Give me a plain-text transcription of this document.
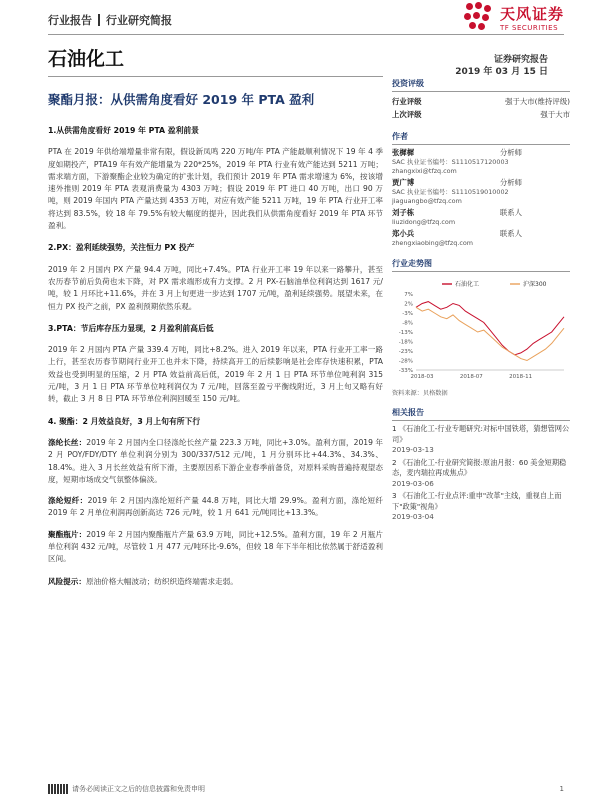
行业报告 行业研究简报	天风证券
TF SECURITIES
石油化工	证券研究报告
2019 年 03 月 15 日
聚酯月报：从供需角度看好 2019 年 PTA 盈利
1.从供需角度看好 2019 年 PTA 盈利前景

PTA 在 2019 年供给端增量非常有限，假设新凤鸣 220 万吨/年 PTA 产能最顺利情况下 19 年 4 季度如期投产，PTA19 年有效产能增量为 220*25%，2019 年 PTA 行业有效产能达到 5211 万吨；需求端方面，下游聚酯企业较为确定的扩张计划，我们预计 2019 年 PTA 需求增速为 6%，按该增速外推则 2019 年 PTA 表观消费量为 4303 万吨；假设 2019 年 PT 进口 40 万吨，出口 90 万吨，则 2019 年国内 PTA 产量达到 4353 万吨，对应有效产能 5211 万吨，19 年 PTA 行业开工率将达到 83.5%，较 18 年 79.5%有较大幅度的提升，因此我们从供需角度看好 2019 年 PTA 环节盈利。

2.PX：盈利延续强势，关注恒力 PX 投产

2019 年 2 月国内 PX 产量 94.4 万吨，同比+7.4%。PTA 行业开工率 19 年以来一路攀升，甚至农历春节前后负荷也未下降，对 PX 需求端形成有力支撑。2 月 PX-石脑油单位利润达到 1617 元/吨，较 1 月环比+11.6%，并在 3 月上旬更进一步达到 1707 元/吨，盈利延续强势。展望未来，在恒力 PX 投产之前，PX 盈利预期依然乐观。

3.PTA：节后库存压力显现，2 月盈利前高后低

2019 年 2 月国内 PTA 产量 339.4 万吨，同比+8.2%。进入 2019 年以来，PTA 行业开工率一路上行，甚至农历春节期间行业开工也并未下降，持续高开工的后续影响是社会库存快速积累，PTA 效益也受到明显的压缩，2 月 PTA 效益前高后低，2019 年 2 月 1 日 PTA 环节单位吨利润 315 元/吨，3 月 1 日 PTA 环节单位吨利润仅为 7 元/吨，回落至盈亏平衡线附近，3 月上旬又略有好转，截止 3 月 8 日 PTA 环节单位利润回暖至 150 元/吨。

4. 聚酯：2 月效益良好，3 月上旬有所下行

涤纶长丝：2019 年 2 月国内全口径涤纶长丝产量 223.3 万吨，同比+3.0%。盈利方面，2019 年 2 月 POY/FDY/DTY 单位利润分别为 300/337/512 元/吨，1 月分别环比+44.3%、34.3%、18.4%。进入 3 月长丝效益有所下滑，主要原因系下游企业春季前备货，对原料采购普遍持观望态度，短期市场成交气氛整体偏淡。

涤纶短纤：2019 年 2 月国内涤纶短纤产量 44.8 万吨，同比大增 29.9%。盈利方面，涤纶短纤 2019 年 2 月单位利润再创新高达 726 元/吨，较 1 月 641 元/吨同比+13.3%。

聚酯瓶片：2019 年 2 月国内聚酯瓶片产量 63.9 万吨，同比+12.5%。盈利方面，19 年 2 月瓶片单位利润 432 元/吨，尽管较 1 月 477 元/吨环比-9.6%，但较 18 年下半年相比依然属于舒适盈利区间。

风险提示：原油价格大幅波动；纺织织造终端需求走弱。

投资评级
行业评级	强于大市(维持评级)
上次评级	强于大市
作者
张樨樨	分析师
SAC 执业证书编号：S1110517120003
zhangxixi@tfzq.com
贾广博	分析师
SAC 执业证书编号：S1110519010002
jiaguangbo@tfzq.com
刘子栋	联系人
liuzidong@tfzq.com
郑小兵	联系人
zhengxiaobing@tfzq.com
行业走势图
7%
2%
-3%
-8%
-13%
-18%
-23%
-28%
-33%
2018-03	2018-07	2018-11
石油化工	沪深300
资料来源：贝格数据
相关报告
1 《石油化工-行业专题研究:对标中国铁塔，猜想管网公司》
2019-03-13
2 《石油化工-行业研究简报:原油月报：60 美金短期稳态，麦内瑞拉再成焦点》
2019-03-06
3 《石油化工-行业点评:重申"改革"主线，重视自上而下"政策"视角》
2019-03-04
请务必阅读正文之后的信息披露和免责申明	1
